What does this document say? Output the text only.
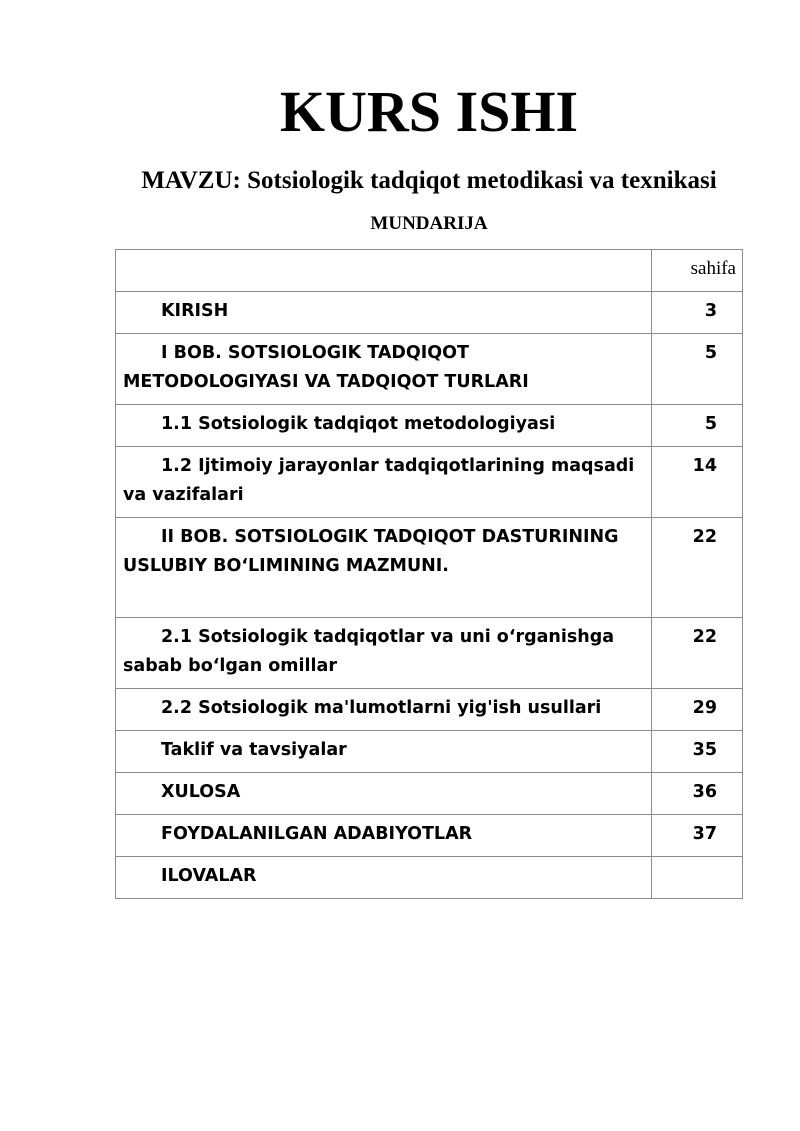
KURS ISHI
MAVZU: Sotsiologik tadqiqot metodikasi va texnikasi
MUNDARIJA
	sahifa

KIRISH	3

I BOB. SOTSIOLOGIK TADQIQOT METODOLOGIYASI VA TADQIQOT TURLARI	5

1.1 Sotsiologik tadqiqot metodologiyasi	5

1.2 Ijtimoiy jarayonlar tadqiqotlarining maqsadi va vazifalari	14

II BOB. SOTSIOLOGIK TADQIQOT DASTURINING USLUBIY BO‘LIMINING MAZMUNI.	22

2.1 Sotsiologik tadqiqotlar va uni o‘rganishga sabab bo‘lgan omillar	22

2.2 Sotsiologik ma'lumotlarni yig'ish usullari	29

Taklif va tavsiyalar	35

XULOSA	36

FOYDALANILGAN ADABIYOTLAR	37

ILOVALAR	
